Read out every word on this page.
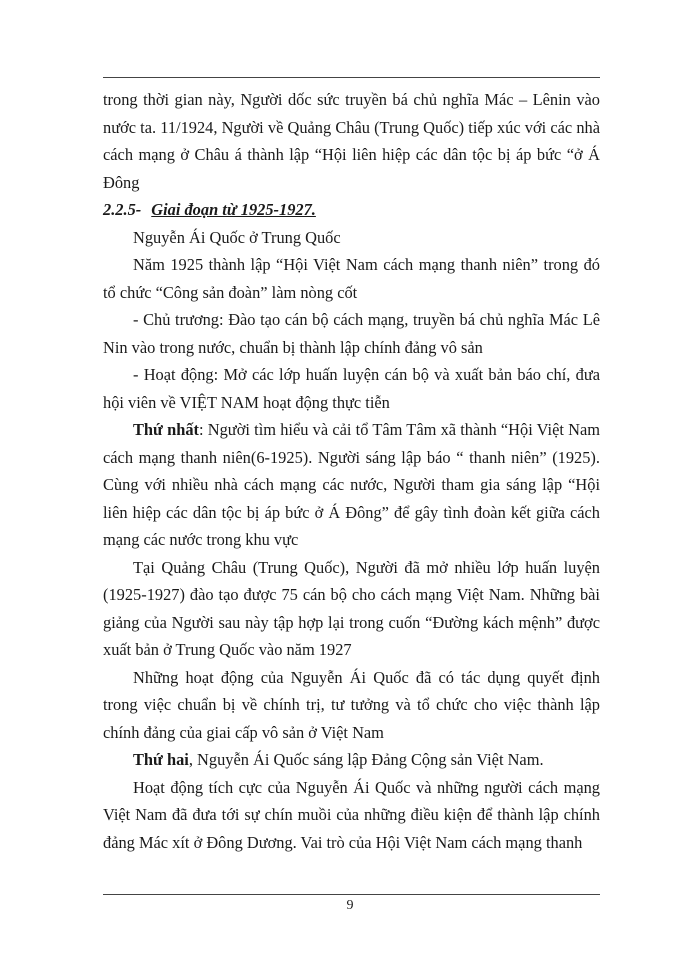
trong thời gian này, Người dốc sức truyền bá chủ nghĩa Mác – Lênin vào nước ta. 11/1924, Người về Quảng Châu (Trung Quốc) tiếp xúc với các nhà cách mạng ở Châu á thành lập “Hội liên hiệp các dân tộc bị áp bức “ở Á Đông

2.2.5- Giai đoạn từ 1925-1927.

Nguyễn Ái Quốc ở Trung Quốc

Năm 1925 thành lập “Hội Việt Nam cách mạng thanh niên” trong đó tổ chức “Công sản đoàn” làm nòng cốt

- Chủ trương: Đào tạo cán bộ cách mạng, truyền bá chủ nghĩa Mác Lê Nin vào trong nước, chuẩn bị thành lập chính đảng vô sản

- Hoạt động: Mở các lớp huấn luyện cán bộ và xuất bản báo chí, đưa hội viên về VIỆT NAM hoạt động thực tiễn

Thứ nhất: Người tìm hiểu và cải tổ Tâm Tâm xã thành “Hội Việt Nam cách mạng thanh niên(6-1925). Người sáng lập báo “ thanh niên” (1925). Cùng với nhiều nhà cách mạng các nước, Người tham gia sáng lập “Hội liên hiệp các dân tộc bị áp bức ở Á Đông” để gây tình đoàn kết giữa cách mạng các nước trong khu vực

Tại Quảng Châu (Trung Quốc), Người đã mở nhiều lớp huấn luyện (1925-1927) đào tạo được 75 cán bộ cho cách mạng Việt Nam. Những bài giảng của Người sau này tập hợp lại trong cuốn “Đường kách mệnh” được xuất bản ở Trung Quốc vào năm 1927

Những hoạt động của Nguyễn Ái Quốc đã có tác dụng quyết định trong việc chuẩn bị về chính trị, tư tưởng và tổ chức cho việc thành lập chính đảng của giai cấp vô sản ở Việt Nam

Thứ hai, Nguyễn Ái Quốc sáng lập Đảng Cộng sản Việt Nam.

Hoạt động tích cực của Nguyễn Ái Quốc và những người cách mạng Việt Nam đã đưa tới sự chín muồi của những điều kiện để thành lập chính đảng Mác xít ở Đông Dương. Vai trò của Hội Việt Nam cách mạng thanh

9
